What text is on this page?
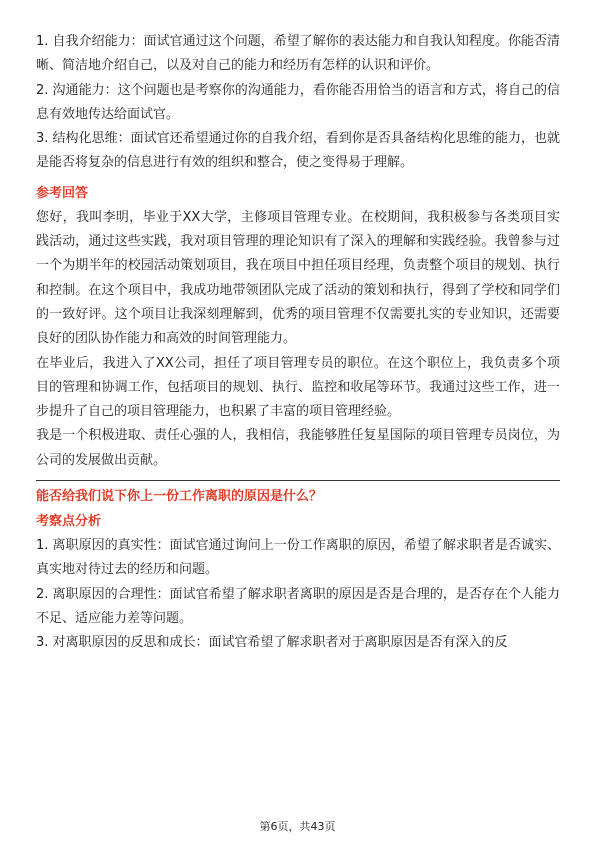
1. 自我介绍能力：面试官通过这个问题，希望了解你的表达能力和自我认知程度。你能否清晰、简洁地介绍自己，以及对自己的能力和经历有怎样的认识和评价。

2. 沟通能力：这个问题也是考察你的沟通能力，看你能否用恰当的语言和方式，将自己的信息有效地传达给面试官。

3. 结构化思维：面试官还希望通过你的自我介绍，看到你是否具备结构化思维的能力，也就是能否将复杂的信息进行有效的组织和整合，使之变得易于理解。

参考回答

您好，我叫李明，毕业于XX大学，主修项目管理专业。在校期间，我积极参与各类项目实践活动，通过这些实践，我对项目管理的理论知识有了深入的理解和实践经验。我曾参与过一个为期半年的校园活动策划项目，我在项目中担任项目经理，负责整个项目的规划、执行和控制。在这个项目中，我成功地带领团队完成了活动的策划和执行，得到了学校和同学们的一致好评。这个项目让我深刻理解到，优秀的项目管理不仅需要扎实的专业知识，还需要良好的团队协作能力和高效的时间管理能力。

在毕业后，我进入了XX公司，担任了项目管理专员的职位。在这个职位上，我负责多个项目的管理和协调工作，包括项目的规划、执行、监控和收尾等环节。我通过这些工作，进一步提升了自己的项目管理能力，也积累了丰富的项目管理经验。

我是一个积极进取、责任心强的人，我相信，我能够胜任复星国际的项目管理专员岗位，为公司的发展做出贡献。

能否给我们说下你上一份工作离职的原因是什么？
考察点分析

1. 离职原因的真实性：面试官通过询问上一份工作离职的原因，希望了解求职者是否诚实、真实地对待过去的经历和问题。

2. 离职原因的合理性：面试官希望了解求职者离职的原因是否是合理的，是否存在个人能力不足、适应能力差等问题。

3. 对离职原因的反思和成长：面试官希望了解求职者对于离职原因是否有深入的反

第6页，共43页
